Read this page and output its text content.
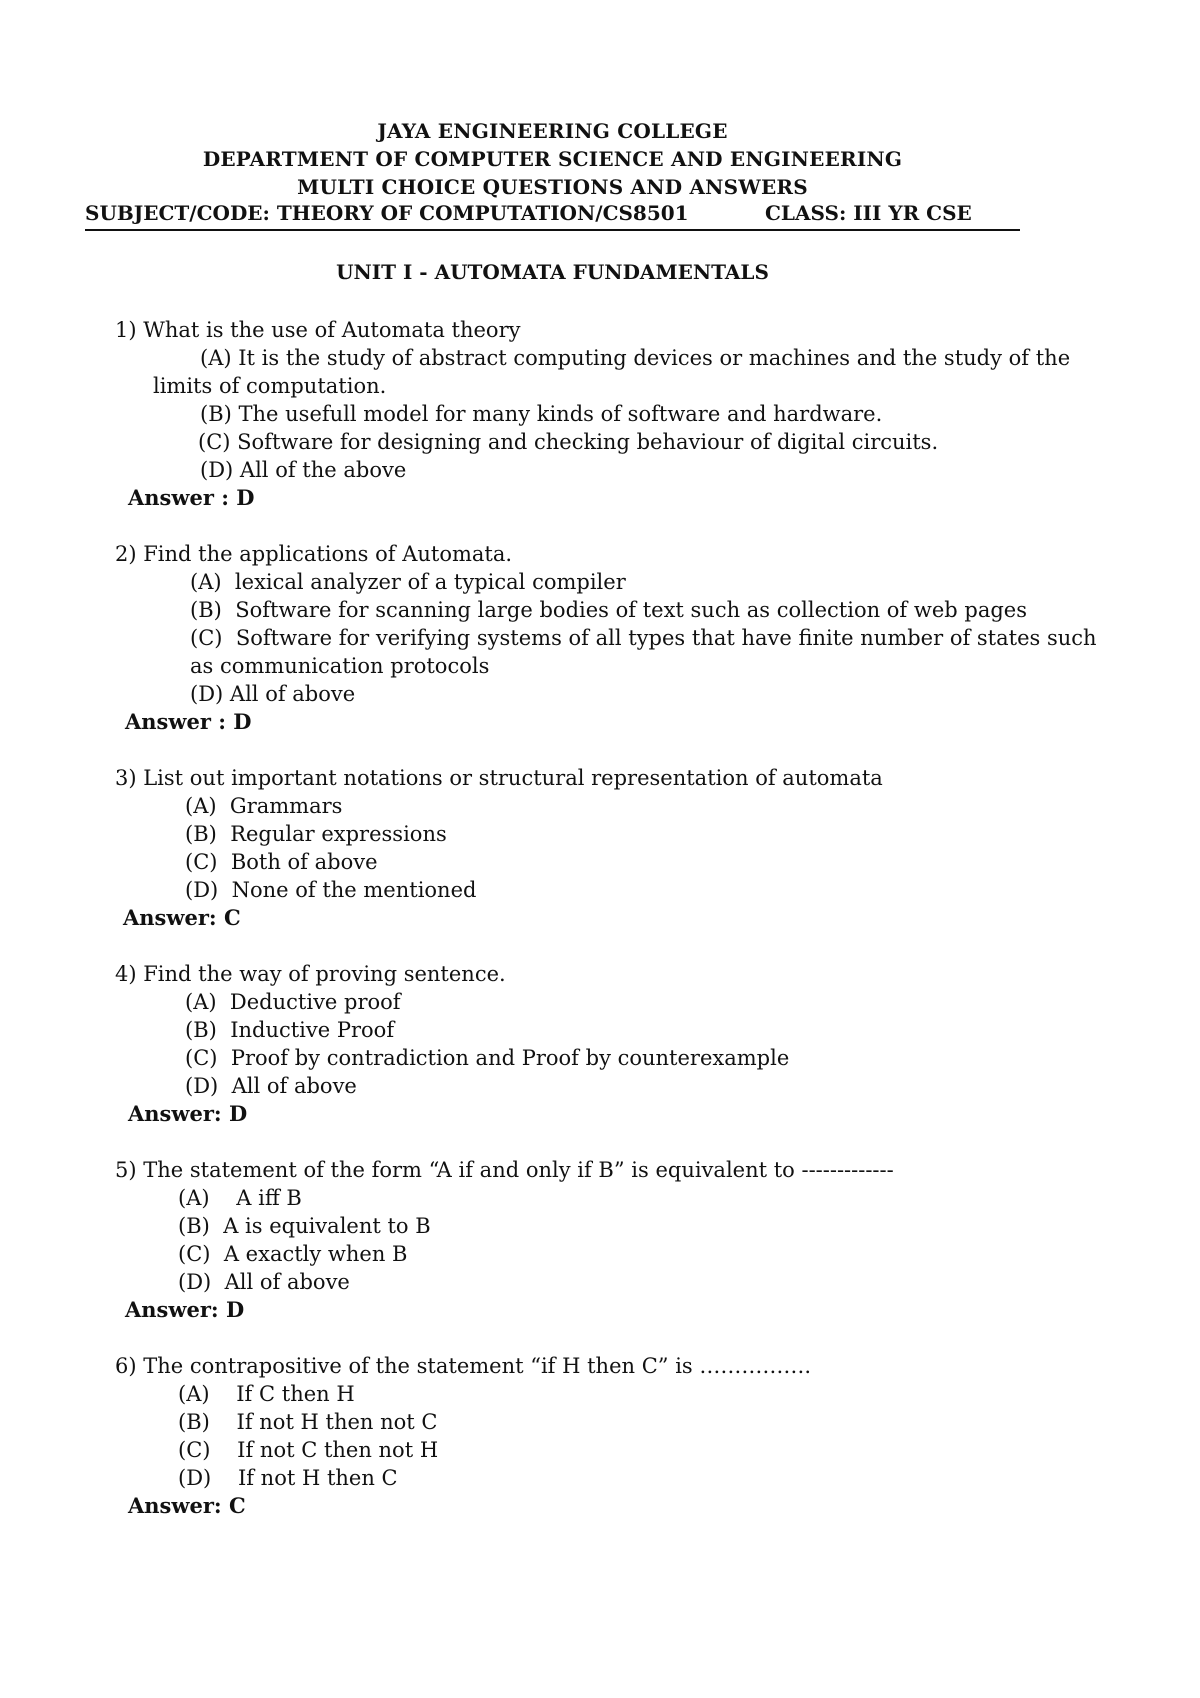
JAYA ENGINEERING COLLEGE
DEPARTMENT OF COMPUTER SCIENCE AND ENGINEERING
MULTI CHOICE QUESTIONS AND ANSWERS
SUBJECT/CODE: THEORY OF COMPUTATION/CS8501	CLASS: III YR CSE
UNIT I - AUTOMATA FUNDAMENTALS

1) What is the use of Automata theory

(A) It is the study of abstract computing devices or machines and the study of the

limits of computation.

(B) The usefull model for many kinds of software and hardware.

(C) Software for designing and checking behaviour of digital circuits.

(D) All of the above

Answer : D

2) Find the applications of Automata.

(A) lexical analyzer of a typical compiler

(B) Software for scanning large bodies of text such as collection of web pages

(C) Software for verifying systems of all types that have finite number of states such

as communication protocols

(D) All of above

Answer : D

3) List out important notations or structural representation of automata

(A) Grammars

(B) Regular expressions

(C) Both of above

(D) None of the mentioned

Answer: C

4) Find the way of proving sentence.

(A) Deductive proof

(B) Inductive Proof

(C) Proof by contradiction and Proof by counterexample

(D) All of above

Answer: D

5) The statement of the form “A if and only if B” is equivalent to -------------

(A) A iff B

(B) A is equivalent to B

(C) A exactly when B

(D) All of above

Answer: D

6) The contrapositive of the statement “if H then C” is …………….

(A) If C then H

(B) If not H then not C

(C) If not C then not H

(D) If not H then C

Answer: C
